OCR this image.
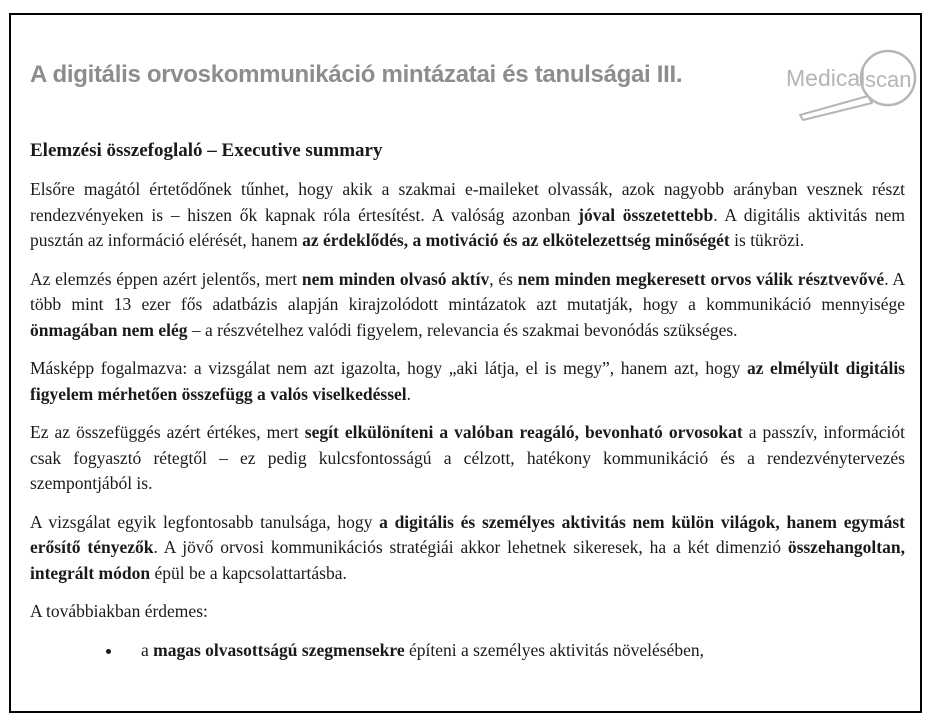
A digitális orvoskommunikáció mintázatai és tanulságai III.
Elemzési összefoglaló – Executive summary

Elsőre magától értetődőnek tűnhet, hogy akik a szakmai e-maileket olvassák, azok nagyobb arányban vesznek részt rendezvényeken is – hiszen ők kapnak róla értesítést. A valóság azonban jóval összetettebb. A digitális aktivitás nem pusztán az információ elérését, hanem az érdeklődés, a motiváció és az elkötelezettség minőségét is tükrözi.

Az elemzés éppen azért jelentős, mert nem minden olvasó aktív, és nem minden megkeresett orvos válik résztvevővé. A több mint 13 ezer fős adatbázis alapján kirajzolódott mintázatok azt mutatják, hogy a kommunikáció mennyisége önmagában nem elég – a részvételhez valódi figyelem, relevancia és szakmai bevonódás szükséges.

Másképp fogalmazva: a vizsgálat nem azt igazolta, hogy „aki látja, el is megy”, hanem azt, hogy az elmélyült digitális figyelem mérhetően összefügg a valós viselkedéssel.

Ez az összefüggés azért értékes, mert segít elkülöníteni a valóban reagáló, bevonható orvosokat a passzív, információt csak fogyasztó rétegtől – ez pedig kulcsfontosságú a célzott, hatékony kommunikáció és a rendezvénytervezés szempontjából is.

A vizsgálat egyik legfontosabb tanulsága, hogy a digitális és személyes aktivitás nem külön világok, hanem egymást erősítő tényezők. A jövő orvosi kommunikációs stratégiái akkor lehetnek sikeresek, ha a két dimenzió összehangoltan, integrált módon épül be a kapcsolattartásba.

A továbbiakban érdemes:

• a magas olvasottságú szegmensekre építeni a személyes aktivitás növelésében,
Medical scan
